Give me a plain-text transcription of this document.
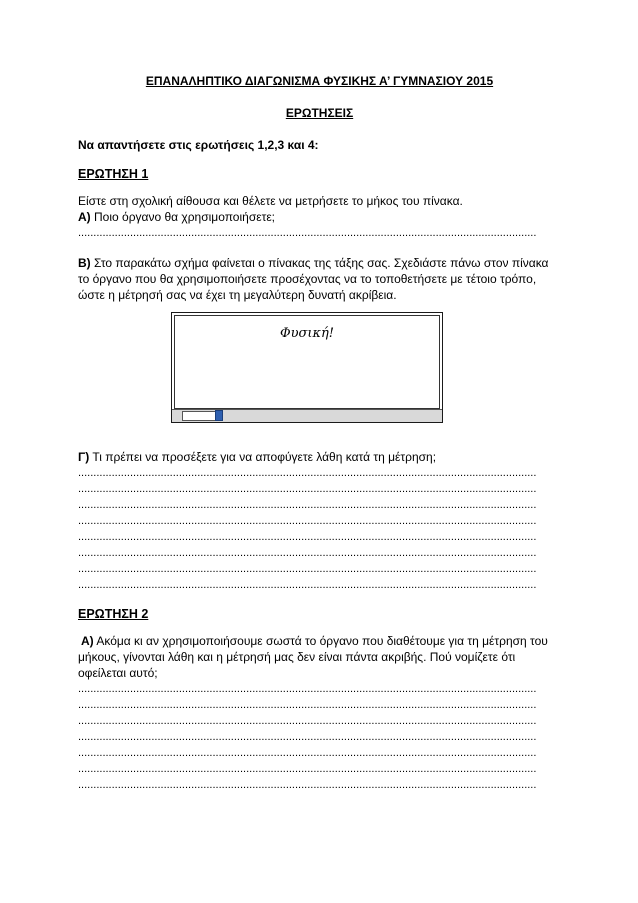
ΕΠΑΝΑΛΗΠΤΙΚΟ ΔΙΑΓΩΝΙΣΜΑ ΦΥΣΙΚΗΣ Α’ ΓΥΜΝΑΣΙΟΥ 2015
ΕΡΩΤΗΣΕΙΣ
Να απαντήσετε στις ερωτήσεις 1,2,3 και 4:
ΕΡΩΤΗΣΗ 1
Είστε στη σχολική αίθουσα και θέλετε να μετρήσετε το μήκος του πίνακα.
Α) Ποιο όργανο θα χρησιμοποιήσετε;
......................................................................................................................................................
Β) Στο παρακάτω σχήμα φαίνεται ο πίνακας της τάξης σας. Σχεδιάστε πάνω στον πίνακα το όργανο που θα χρησιμοποιήσετε προσέχοντας να το τοποθετήσετε με τέτοιο τρόπο, ώστε η μέτρησή σας να έχει τη μεγαλύτερη δυνατή ακρίβεια.
Γ) Τι πρέπει να προσέξετε για να αποφύγετε λάθη κατά τη μέτρηση;
......................................................................................................................................................
......................................................................................................................................................
......................................................................................................................................................
......................................................................................................................................................
......................................................................................................................................................
......................................................................................................................................................
......................................................................................................................................................
......................................................................................................................................................
ΕΡΩΤΗΣΗ 2
Α) Ακόμα κι αν χρησιμοποιήσουμε σωστά το όργανο που διαθέτουμε για τη μέτρηση του μήκους, γίνονται λάθη και η μέτρησή μας δεν είναι πάντα ακριβής. Πού νομίζετε ότι οφείλεται αυτό;
......................................................................................................................................................
......................................................................................................................................................
......................................................................................................................................................
......................................................................................................................................................
......................................................................................................................................................
......................................................................................................................................................
......................................................................................................................................................
Φυσική!
